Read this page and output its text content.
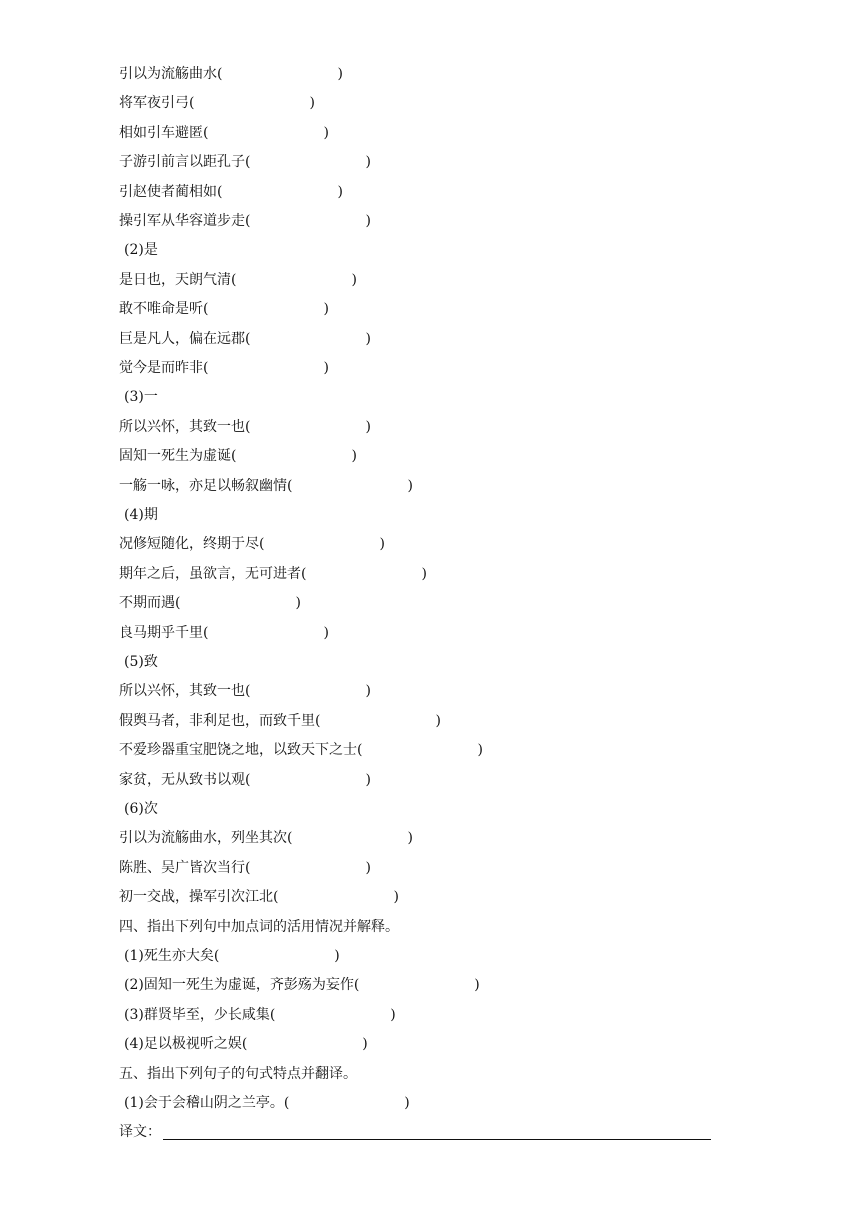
引以为流觞曲水(	)
将军夜引弓(	)
相如引车避匿(	)
子游引前言以距孔子(	)
引赵使者蔺相如(	)
操引军从华容道步走(	)
(2)是
是日也，天朗气清(	)
敢不唯命是听(	)
巨是凡人，偏在远郡(	)
觉今是而昨非(	)
(3)一
所以兴怀，其致一也(	)
固知一死生为虚诞(	)
一觞一咏，亦足以畅叙幽情(	)
(4)期
况修短随化，终期于尽(	)
期年之后，虽欲言，无可进者(	)
不期而遇(	)
良马期乎千里(	)
(5)致
所以兴怀，其致一也(	)
假舆马者，非利足也，而致千里(	)
不爱珍器重宝肥饶之地，以致天下之士(	)
家贫，无从致书以观(	)
(6)次
引以为流觞曲水，列坐其次(	)
陈胜、吴广皆次当行(	)
初一交战，操军引次江北(	)
四、指出下列句中加点词的活用情况并解释。
(1)死生亦大矣(	)
(2)固知一死生为虚诞，齐彭殇为妄作(	)
(3)群贤毕至，少长咸集(	)
(4)足以极视听之娱(	)
五、指出下列句子的句式特点并翻译。
(1)会于会稽山阴之兰亭。(	)
译文：
